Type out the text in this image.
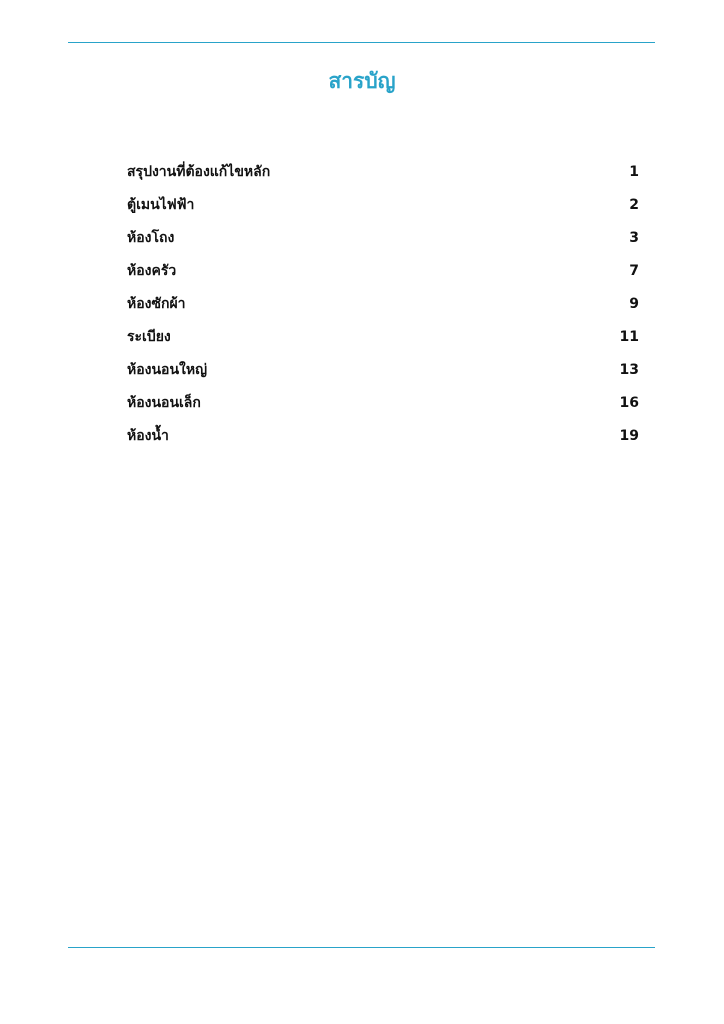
สารบัญ
สรุปงานที่ต้องแก้ไขหลัก	1
ตู้เมนไฟฟ้า	2
ห้องโถง	3
ห้องครัว	7
ห้องซักผ้า	9
ระเบียง	11
ห้องนอนใหญ่	13
ห้องนอนเล็ก	16
ห้องน้ำ	19
